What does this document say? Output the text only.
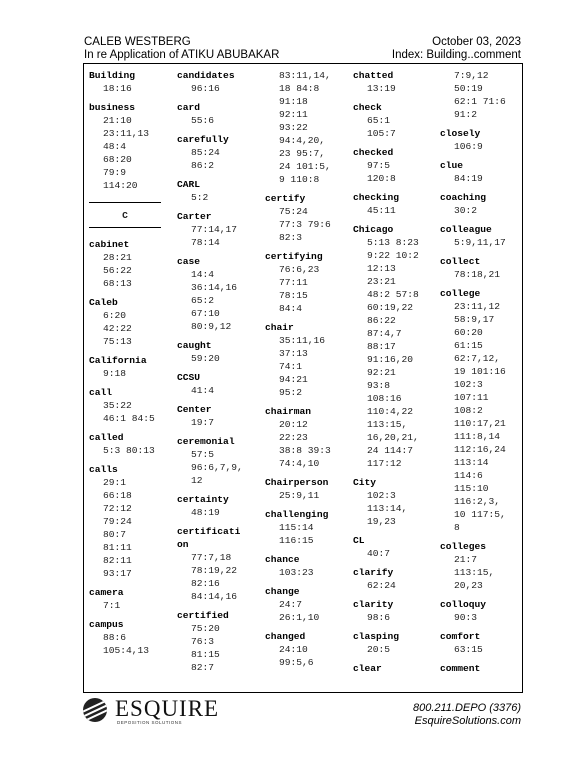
CALEB WESTBERG
In re Application of ATIKU ABUBAKAR
October 03, 2023
Index: Building..comment
Building
18:16
business
21:10
23:11,13
48:4
68:20
79:9
114:20
C
cabinet
28:21
56:22
68:13
Caleb
6:20
42:22
75:13
California
9:18
call
35:22
46:1 84:5
called
5:3 80:13
calls
29:1
66:18
72:12
79:24
80:7
81:11
82:11
93:17
camera
7:1
campus
88:6
105:4,13
candidates
96:16
card
55:6
carefully
85:24
86:2
CARL
5:2
Carter
77:14,17
78:14
case
14:4
36:14,16
65:2
67:10
80:9,12
caught
59:20
CCSU
41:4
Center
19:7
ceremonial
57:5
96:6,7,9,
12
certainty
48:19
certificati
on
77:7,18
78:19,22
82:16
84:14,16
certified
75:20
76:3
81:15
82:7
83:11,14,
18 84:8
91:18
92:11
93:22
94:4,20,
23 95:7,
24 101:5,
9 110:8
certify
75:24
77:3 79:6
82:3
certifying
76:6,23
77:11
78:15
84:4
chair
35:11,16
37:13
74:1
94:21
95:2
chairman
20:12
22:23
38:8 39:3
74:4,10
Chairperson
25:9,11
challenging
115:14
116:15
chance
103:23
change
24:7
26:1,10
changed
24:10
99:5,6
chatted
13:19
check
65:1
105:7
checked
97:5
120:8
checking
45:11
Chicago
5:13 8:23
9:22 10:2
12:13
23:21
48:2 57:8
60:19,22
86:22
87:4,7
88:17
91:16,20
92:21
93:8
108:16
110:4,22
113:15,
16,20,21,
24 114:7
117:12
City
102:3
113:14,
19,23
CL
40:7
clarify
62:24
clarity
98:6
clasping
20:5
clear
7:9,12
50:19
62:1 71:6
91:2
closely
106:9
clue
84:19
coaching
30:2
colleague
5:9,11,17
collect
78:18,21
college
23:11,12
58:9,17
60:20
61:15
62:7,12,
19 101:16
102:3
107:11
108:2
110:17,21
111:8,14
112:16,24
113:14
114:6
115:10
116:2,3,
10 117:5,
8
colleges
21:7
113:15,
20,23
colloquy
90:3
comfort
63:15
comment
ESQUIRE
DEPOSITION SOLUTIONS
800.211.DEPO (3376)
EsquireSolutions.com
